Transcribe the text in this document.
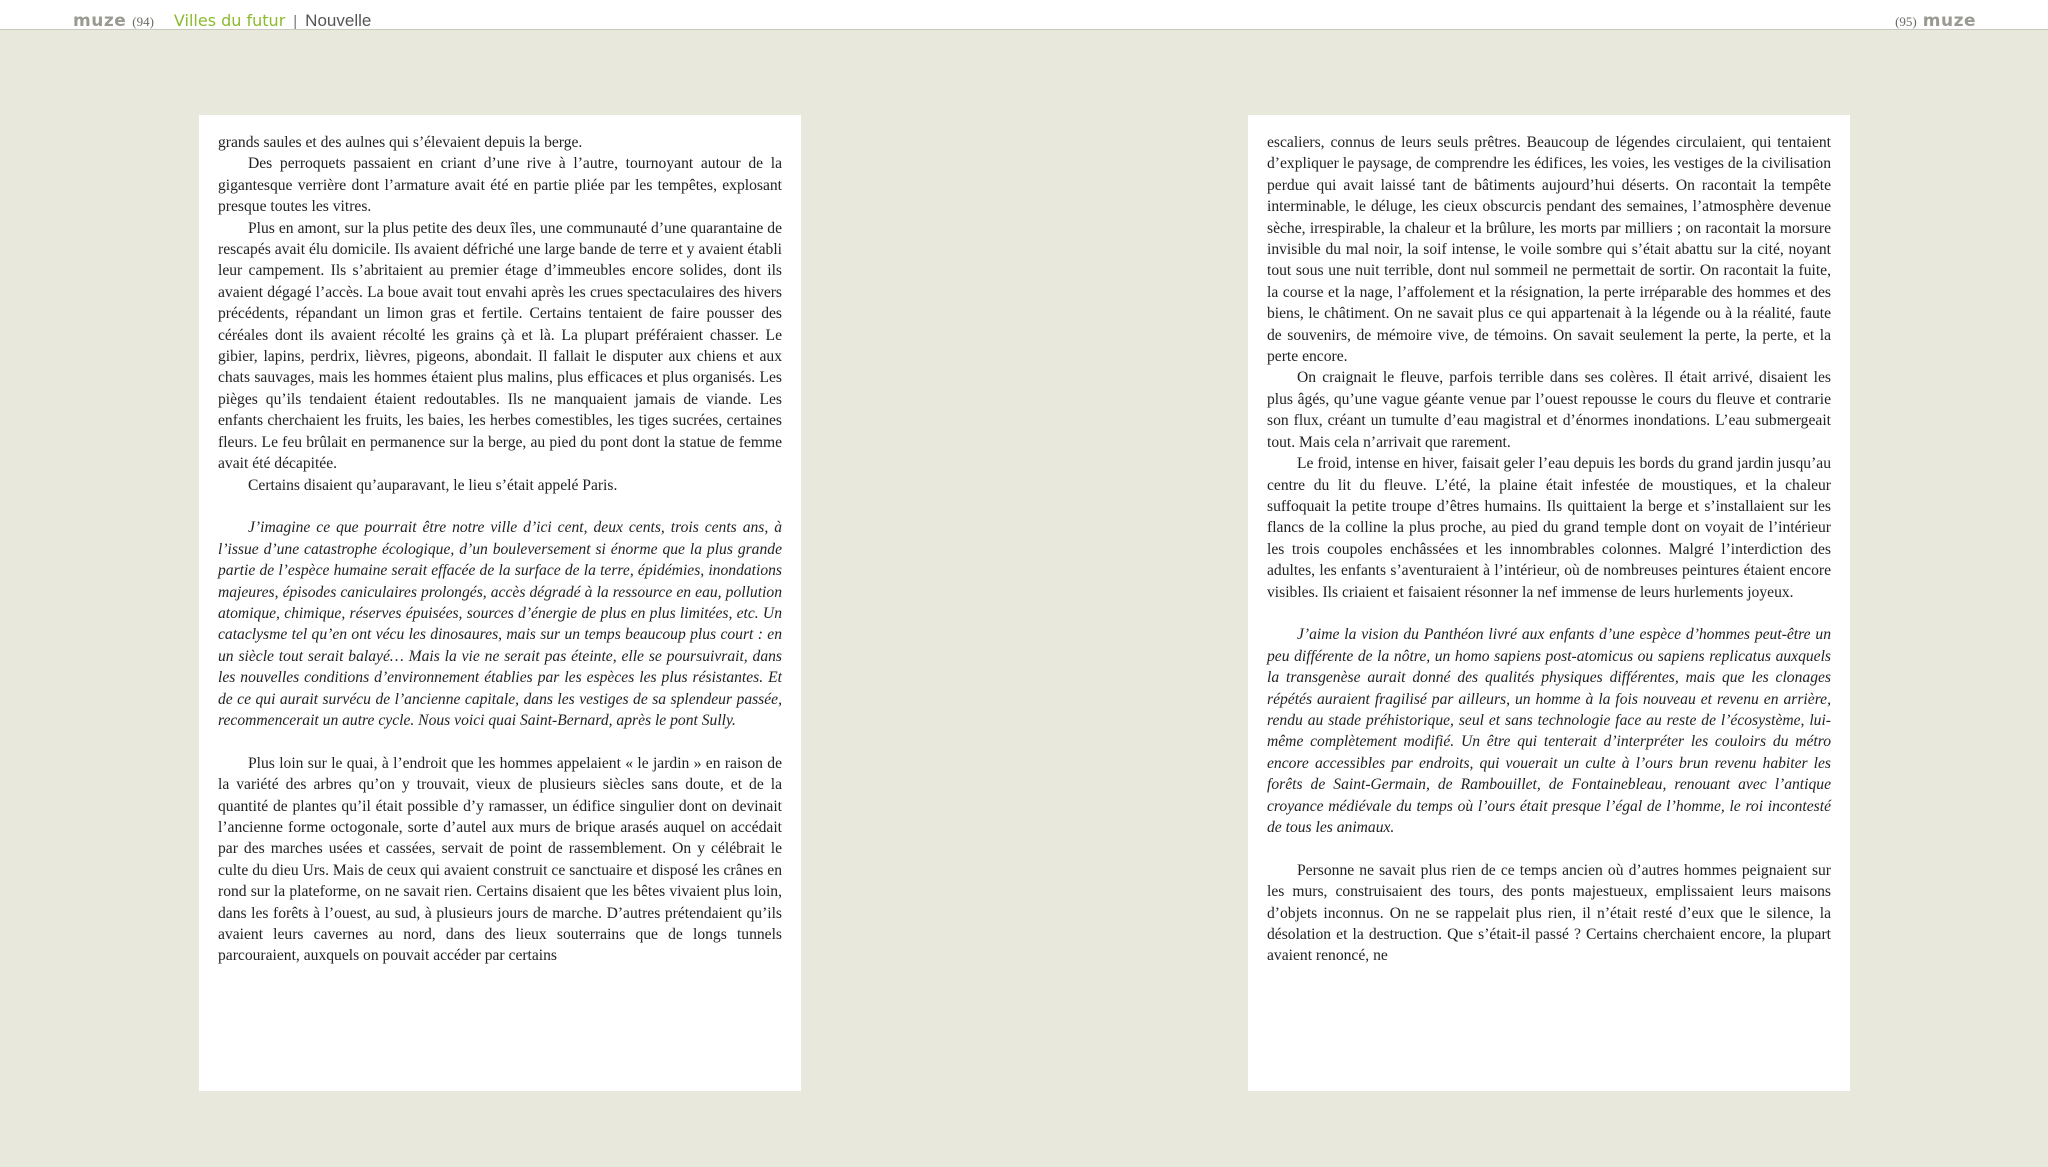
muze (94) Villes du futur | Nouvelle	(95) muze

grands saules et des aulnes qui s’élevaient depuis la berge.

Des perroquets passaient en criant d’une rive à l’autre, tournoyant autour de la gigantesque verrière dont l’armature avait été en partie pliée par les tempêtes, explosant presque toutes les vitres.

Plus en amont, sur la plus petite des deux îles, une communauté d’une quarantaine de rescapés avait élu domicile. Ils avaient défriché une large bande de terre et y avaient établi leur campement. Ils s’abritaient au premier étage d’immeubles encore solides, dont ils avaient dégagé l’accès. La boue avait tout envahi après les crues spectaculaires des hivers précédents, répandant un limon gras et fertile. Certains tentaient de faire pousser des céréales dont ils avaient récolté les grains çà et là. La plupart préféraient chasser. Le gibier, lapins, perdrix, lièvres, pigeons, abondait. Il fallait le disputer aux chiens et aux chats sauvages, mais les hommes étaient plus malins, plus efficaces et plus organisés. Les pièges qu’ils tendaient étaient redoutables. Ils ne manquaient jamais de viande. Les enfants cherchaient les fruits, les baies, les herbes comestibles, les tiges sucrées, certaines fleurs. Le feu brûlait en permanence sur la berge, au pied du pont dont la statue de femme avait été décapitée.

Certains disaient qu’auparavant, le lieu s’était appelé Paris.

J’imagine ce que pourrait être notre ville d’ici cent, deux cents, trois cents ans, à l’issue d’une catastrophe écologique, d’un bouleversement si énorme que la plus grande partie de l’espèce humaine serait effacée de la surface de la terre, épidémies, inondations majeures, épisodes caniculaires prolongés, accès dégradé à la ressource en eau, pollution atomique, chimique, réserves épuisées, sources d’énergie de plus en plus limitées, etc. Un cataclysme tel qu’en ont vécu les dinosaures, mais sur un temps beaucoup plus court : en un siècle tout serait balayé… Mais la vie ne serait pas éteinte, elle se poursuivrait, dans les nouvelles conditions d’environnement établies par les espèces les plus résistantes. Et de ce qui aurait survécu de l’ancienne capitale, dans les vestiges de sa splendeur passée, recommencerait un autre cycle. Nous voici quai Saint-Bernard, après le pont Sully.

Plus loin sur le quai, à l’endroit que les hommes appelaient « le jardin » en raison de la variété des arbres qu’on y trouvait, vieux de plusieurs siècles sans doute, et de la quantité de plantes qu’il était possible d’y ramasser, un édifice singulier dont on devinait l’ancienne forme octogonale, sorte d’autel aux murs de brique arasés auquel on accédait par des marches usées et cassées, servait de point de rassemblement. On y célébrait le culte du dieu Urs. Mais de ceux qui avaient construit ce sanctuaire et disposé les crânes en rond sur la plateforme, on ne savait rien. Certains disaient que les bêtes vivaient plus loin, dans les forêts à l’ouest, au sud, à plusieurs jours de marche. D’autres prétendaient qu’ils avaient leurs cavernes au nord, dans des lieux souterrains que de longs tunnels parcouraient, auxquels on pouvait accéder par certains

escaliers, connus de leurs seuls prêtres. Beaucoup de légendes circulaient, qui tentaient d’expliquer le paysage, de comprendre les édifices, les voies, les vestiges de la civilisation perdue qui avait laissé tant de bâtiments aujourd’hui déserts. On racontait la tempête interminable, le déluge, les cieux obscurcis pendant des semaines, l’atmosphère devenue sèche, irrespirable, la chaleur et la brûlure, les morts par milliers ; on racontait la morsure invisible du mal noir, la soif intense, le voile sombre qui s’était abattu sur la cité, noyant tout sous une nuit terrible, dont nul sommeil ne permettait de sortir. On racontait la fuite, la course et la nage, l’affolement et la résignation, la perte irréparable des hommes et des biens, le châtiment. On ne savait plus ce qui appartenait à la légende ou à la réalité, faute de souvenirs, de mémoire vive, de témoins. On savait seulement la perte, la perte, et la perte encore.

On craignait le fleuve, parfois terrible dans ses colères. Il était arrivé, disaient les plus âgés, qu’une vague géante venue par l’ouest repousse le cours du fleuve et contrarie son flux, créant un tumulte d’eau magistral et d’énormes inondations. L’eau submergeait tout. Mais cela n’arrivait que rarement.

Le froid, intense en hiver, faisait geler l’eau depuis les bords du grand jardin jusqu’au centre du lit du fleuve. L’été, la plaine était infestée de moustiques, et la chaleur suffoquait la petite troupe d’êtres humains. Ils quittaient la berge et s’installaient sur les flancs de la colline la plus proche, au pied du grand temple dont on voyait de l’intérieur les trois coupoles enchâssées et les innombrables colonnes. Malgré l’interdiction des adultes, les enfants s’aventuraient à l’intérieur, où de nombreuses peintures étaient encore visibles. Ils criaient et faisaient résonner la nef immense de leurs hurlements joyeux.

J’aime la vision du Panthéon livré aux enfants d’une espèce d’hommes peut-être un peu différente de la nôtre, un homo sapiens post-atomicus ou sapiens replicatus auxquels la transgenèse aurait donné des qualités physiques différentes, mais que les clonages répétés auraient fragilisé par ailleurs, un homme à la fois nouveau et revenu en arrière, rendu au stade préhistorique, seul et sans technologie face au reste de l’écosystème, lui-même complètement modifié. Un être qui tenterait d’interpréter les couloirs du métro encore accessibles par endroits, qui vouerait un culte à l’ours brun revenu habiter les forêts de Saint-Germain, de Rambouillet, de Fontainebleau, renouant avec l’antique croyance médiévale du temps où l’ours était presque l’égal de l’homme, le roi incontesté de tous les animaux.

Personne ne savait plus rien de ce temps ancien où d’autres hommes peignaient sur les murs, construisaient des tours, des ponts majestueux, emplissaient leurs maisons d’objets inconnus. On ne se rappelait plus rien, il n’était resté d’eux que le silence, la désolation et la destruction. Que s’était-il passé ? Certains cherchaient encore, la plupart avaient renoncé, ne
